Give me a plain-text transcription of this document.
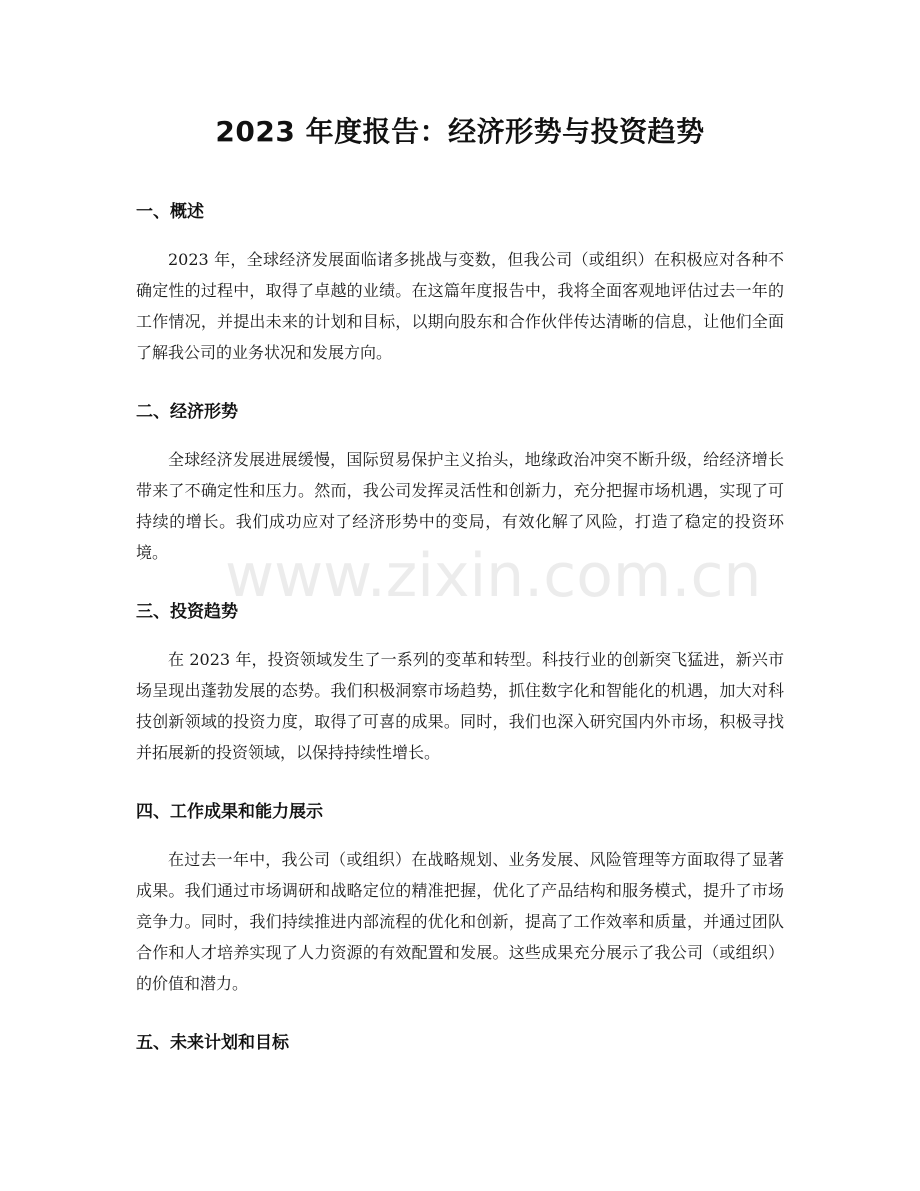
2023 年度报告：经济形势与投资趋势
一、概述

2023 年，全球经济发展面临诸多挑战与变数，但我公司（或组织）在积极应对各种不确定性的过程中，取得了卓越的业绩。在这篇年度报告中，我将全面客观地评估过去一年的工作情况，并提出未来的计划和目标，以期向股东和合作伙伴传达清晰的信息，让他们全面了解我公司的业务状况和发展方向。

二、经济形势

全球经济发展进展缓慢，国际贸易保护主义抬头，地缘政治冲突不断升级，给经济增长带来了不确定性和压力。然而，我公司发挥灵活性和创新力，充分把握市场机遇，实现了可持续的增长。我们成功应对了经济形势中的变局，有效化解了风险，打造了稳定的投资环境。

三、投资趋势

在 2023 年，投资领域发生了一系列的变革和转型。科技行业的创新突飞猛进，新兴市场呈现出蓬勃发展的态势。我们积极洞察市场趋势，抓住数字化和智能化的机遇，加大对科技创新领域的投资力度，取得了可喜的成果。同时，我们也深入研究国内外市场，积极寻找并拓展新的投资领域，以保持持续性增长。

四、工作成果和能力展示

在过去一年中，我公司（或组织）在战略规划、业务发展、风险管理等方面取得了显著成果。我们通过市场调研和战略定位的精准把握，优化了产品结构和服务模式，提升了市场竞争力。同时，我们持续推进内部流程的优化和创新，提高了工作效率和质量，并通过团队合作和人才培养实现了人力资源的有效配置和发展。这些成果充分展示了我公司（或组织）的价值和潜力。

五、未来计划和目标
www.zixin.com.cn
